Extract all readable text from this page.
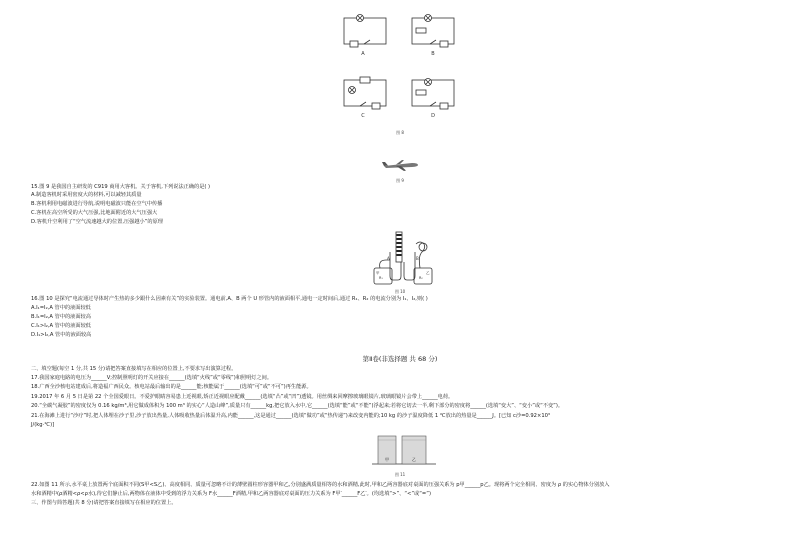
A	B
C	D
图 8
图 9
15.图 9 是我国自主研发的 C919 商用大客机。关于客机,下列说法正确的是( )
A.制造客机时采用密度大的材料,可以减轻其质量
B.客机利用电磁波进行导航,说明电磁波只能在空气中传播
C.客机在高空所受的大气压强,比地面附近的大气压强大
D.客机升空利用了“空气流速越大的位置,压强越小”的原理
A	B
R₁	R₂
甲	乙
图 10
16.图 10 是探究“电流通过导体时产生热的多少跟什么因素有关”的实验装置。通电前,A、B 两个 U 形管内的液面相平,通电一定时间后,通过 R₁、R₂ 的电流分别为 I₁、I₂,则( )
A.I₁=I₂,A 管中的液面较低
B.I₁=I₂,A 管中的液面较高
C.I₁>I₂,A 管中的液面较低
D.I₁>I₂,A 管中的液面较高
第Ⅱ卷(非选择题 共 68 分)
二、填空题(每空 1 分,共 15 分)请把答案直接填写在相应的位置上,不要求写出演算过程。
17.我国家庭电路的电压为______V;控制照明灯的开关应接在______(选填“火线”或“零线”)和照明灯之间。
18.广西全沙核电站建成后,将造福广西民众。核电站最后输出的是______能;核能属于______(选填“可”或“不可”)再生能源。
19.2017 年 6 月 5 日是第 22 个全国爱眼日。不爱护眼睛容易患上近视眼,矫正近视眼应配戴______(选填“凸”或“凹”)透镜。用丝绸来回摩擦玻璃眼镜片,玻璃眼镜片会带上______电荷。
20.“全碳气凝胶”的密度仅为 0.16 kg/m³,用它做成体积为 100 m³ 的实心“人造山峰”,质量只有______kg,把它放入水中,它______(选填“能”或“不能”)浮起来;若将它切去一半,剩下部分的密度将______(选填“变大”、“变小”或“不变”)。
21.在海滩上进行“沙疗”时,把人体埋在沙子里,沙子放出热量,人体吸收热量后体温升高,内能______,这是通过______(选填“做功”或“热传递”)来改变内能的;10 kg 的沙子温度降低 1 ℃放出的热量是______J。[已知 c沙=0.92×10³
J/(kg·℃)]
甲	乙
图 11
22.如图 11 所示,水平桌上放置两个底面积不同(S甲<S乙)、高度相同、质量可忽略不计的薄壁圆柱形容器甲和乙,分别盛满质量相等的水和酒精,此时,甲和乙两容器底对桌面的压强关系为 p甲______p乙。现将两个完全相同、密度为 ρ 的实心物体分别放入
水和酒精中(ρ酒精<ρ<ρ水),待它们静止后,两物体在液体中受到的浮力关系为 F水______F酒精,甲和乙两容器底对桌面的压力关系为 F甲′______F乙′。(均选填“>”、“<”或“=”)
三、作图与简答题(共 8 分)请把答案直接填写在相应的位置上。
